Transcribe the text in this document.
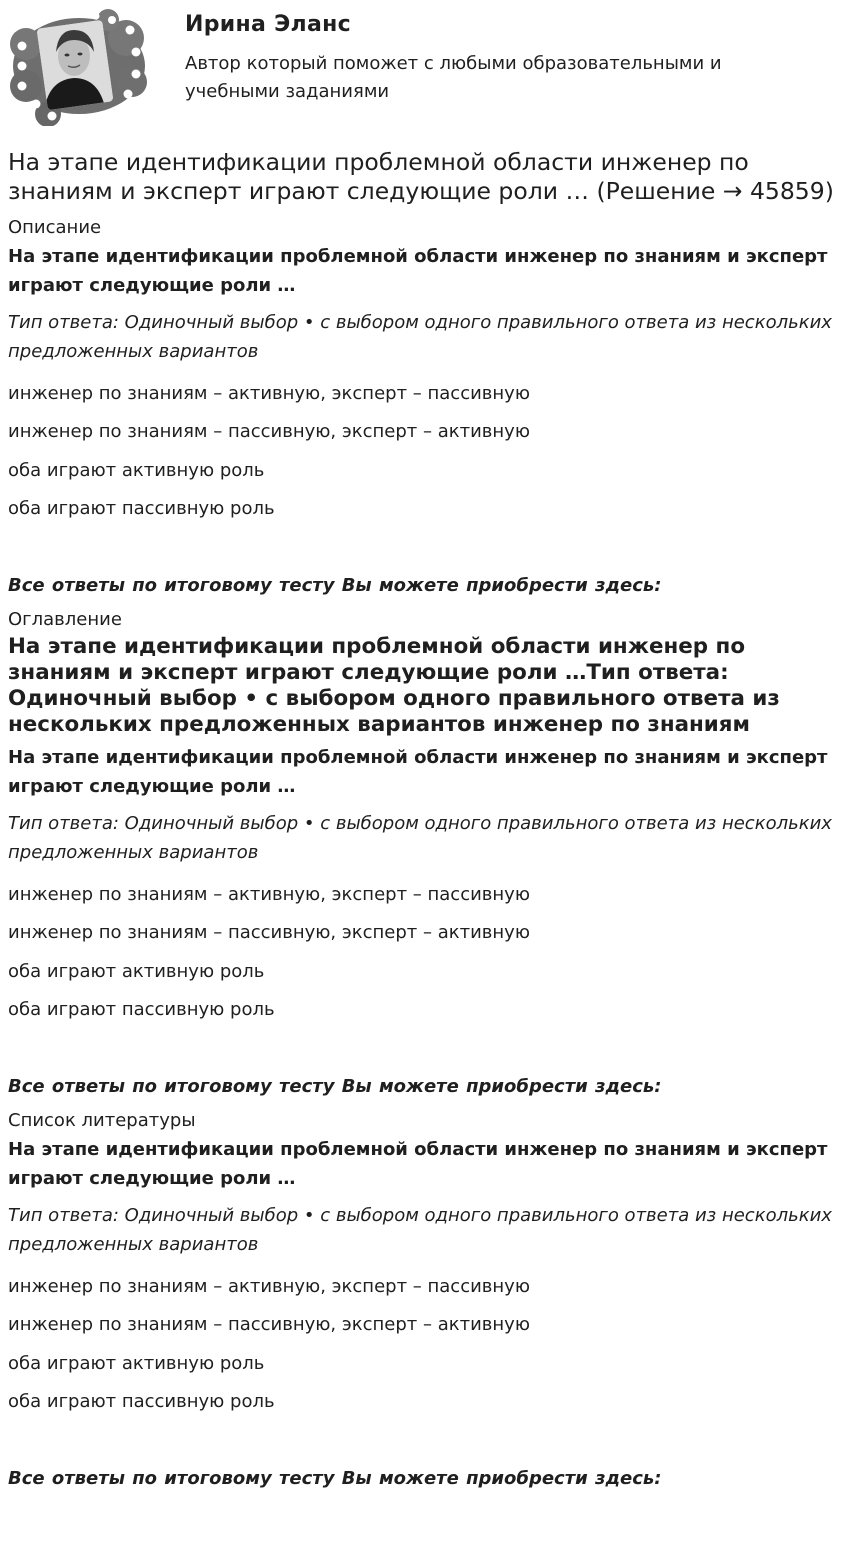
Ирина Эланс
Автор который поможет с любыми образовательными и учебными заданиями
На этапе идентификации проблемной области инженер по знаниям и эксперт играют следующие роли … (Решение → 45859)
Описание
На этапе идентификации проблемной области инженер по знаниям и эксперт играют следующие роли …
Тип ответа: Одиночный выбор • с выбором одного правильного ответа из нескольких предложенных вариантов
инженер по знаниям – активную, эксперт – пассивную
инженер по знаниям – пассивную, эксперт – активную
оба играют активную роль
оба играют пассивную роль
Все ответы по итоговому тесту Вы можете приобрести здесь:
Оглавление
На этапе идентификации проблемной области инженер по знаниям и эксперт играют следующие роли …Тип ответа: Одиночный выбор • с выбором одного правильного ответа из нескольких предложенных вариантов инженер по знаниям
На этапе идентификации проблемной области инженер по знаниям и эксперт играют следующие роли …
Тип ответа: Одиночный выбор • с выбором одного правильного ответа из нескольких предложенных вариантов
инженер по знаниям – активную, эксперт – пассивную
инженер по знаниям – пассивную, эксперт – активную
оба играют активную роль
оба играют пассивную роль
Все ответы по итоговому тесту Вы можете приобрести здесь:
Список литературы
На этапе идентификации проблемной области инженер по знаниям и эксперт играют следующие роли …
Тип ответа: Одиночный выбор • с выбором одного правильного ответа из нескольких предложенных вариантов
инженер по знаниям – активную, эксперт – пассивную
инженер по знаниям – пассивную, эксперт – активную
оба играют активную роль
оба играют пассивную роль
Все ответы по итоговому тесту Вы можете приобрести здесь:
